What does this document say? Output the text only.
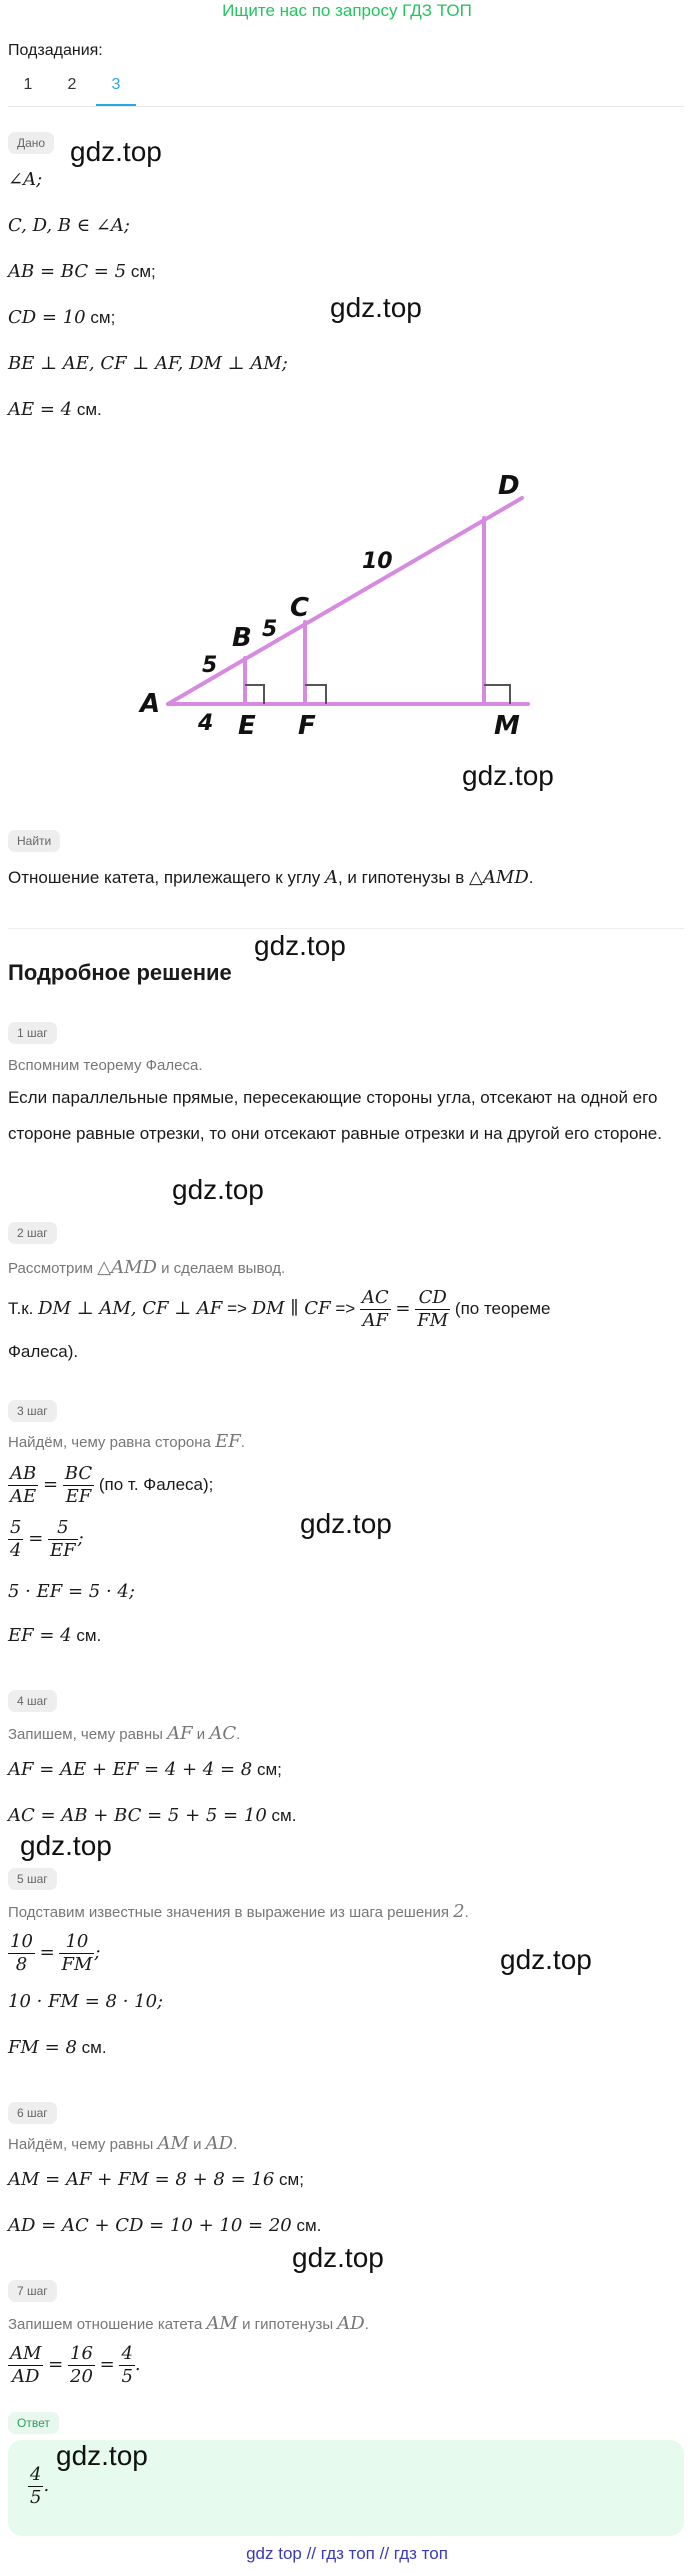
Ищите нас по запросу ГДЗ ТОП
Подзадания:
1	2	3
Дано gdz.top
∠A;
C, D, B ∈ ∠A;
gdz.top
AB = BC = 5 см;
CD = 10 см;
BE ⊥ AE, CF ⊥ AF, DM ⊥ AM;
AE = 4 см.
A
B
C
D
E F	M
5
5
10
4
gdz.top
Найти
Отношение катета, прилежащего к углу A, и гипотенузы в △AMD.
gdz.top
Подробное решение
1 шаг
Вспомним теорему Фалеса.
Если параллельные прямые, пересекающие стороны угла, отсекают на одной его стороне равные отрезки, то они отсекают равные отрезки и на другой его стороне.
gdz.top
2 шаг
Рассмотрим △AMD и сделаем вывод.
Т.к. DM ⊥ AM, CF ⊥ AF => DM ∥ CF => $\frac{AC}{AF} = \frac{CD}{FM} (по$ теореме
Фалеса).
3 шаг
Найдём, чему равна сторона EF.
$\frac{AB}{AE} = \frac{BC}{EF} (по$ т. Фалеса);
$\frac{5}{4} = \frac{5}{EF}$ ;	gdz.top
5 · EF = 5 · 4;
EF = 4 см.
4 шаг
Запишем, чему равны AF и AC.
AF = AE + EF = 4 + 4 = 8 см;
AC = AB + BC = 5 + 5 = 10 см.
gdz.top
5 шаг
Подставим известные значения в выражение из шага решения 2.
$\frac{10}{8} = \frac{10}{FM}$ ;	gdz.top
10 · FM = 8 · 10;
FM = 8 см.
6 шаг
Найдём, чему равны AM и AD.
AM = AF + FM = 8 + 8 = 16 см;
AD = AC + CD = 10 + 10 = 20 см.
gdz.top
7 шаг
Запишем отношение катета AM и гипотенузы AD.
$\frac{AM}{AD} = \frac{16}{20} = \frac{4}{5}$ .
Ответ
$\frac{4}{5}$ .
gdz.top
gdz top // гдз топ // гдз топ
